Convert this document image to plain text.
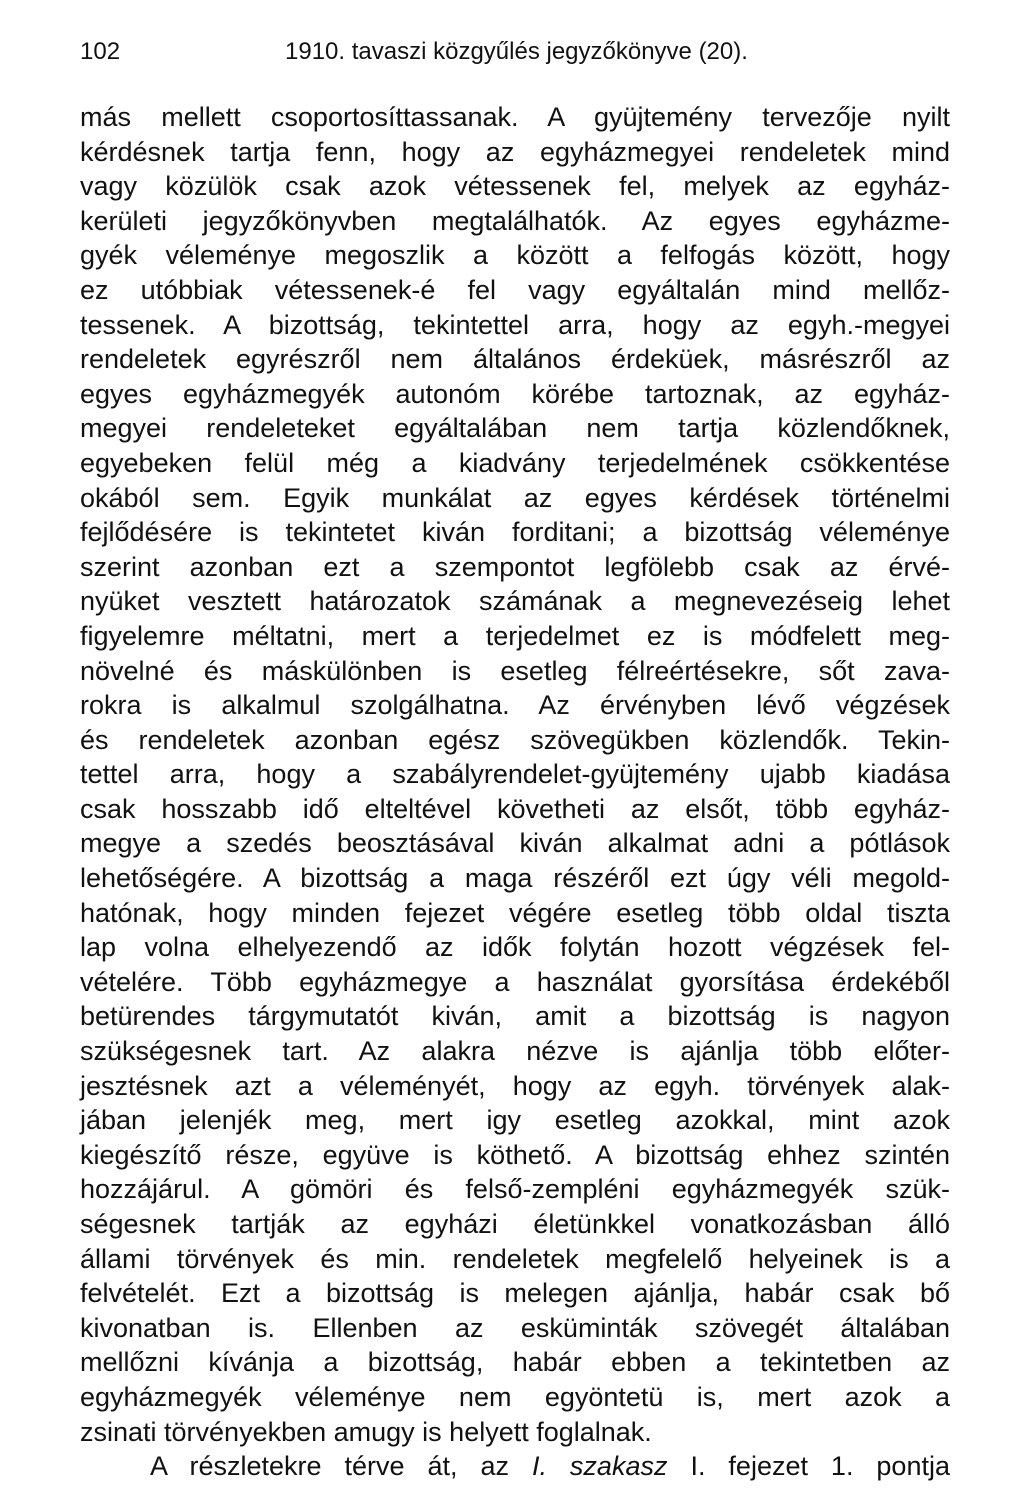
102	1910. tavaszi közgyűlés jegyzőkönyve (20).
más mellett csoportosíttassanak. A gyüjtemény tervezője nyilt
kérdésnek tartja fenn, hogy az egyházmegyei rendeletek mind
vagy közülök csak azok vétessenek fel, melyek az egyház-
kerületi jegyzőkönyvben megtalálhatók. Az egyes egyházme-
gyék véleménye megoszlik a között a felfogás között, hogy
ez utóbbiak vétessenek-é fel vagy egyáltalán mind mellőz-
tessenek. A bizottság, tekintettel arra, hogy az egyh.-megyei
rendeletek egyrészről nem általános érdeküek, másrészről az
egyes egyházmegyék autonóm körébe tartoznak, az egyház-
megyei rendeleteket egyáltalában nem tartja közlendőknek,
egyebeken felül még a kiadvány terjedelmének csökkentése
okából sem. Egyik munkálat az egyes kérdések történelmi
fejlődésére is tekintetet kiván forditani; a bizottság véleménye
szerint azonban ezt a szempontot legfölebb csak az érvé-
nyüket vesztett határozatok számának a megnevezéseig lehet
figyelemre méltatni, mert a terjedelmet ez is módfelett meg-
növelné és máskülönben is esetleg félreértésekre, sőt zava-
rokra is alkalmul szolgálhatna. Az érvényben lévő végzések
és rendeletek azonban egész szövegükben közlendők. Tekin-
tettel arra, hogy a szabályrendelet-gyüjtemény ujabb kiadása
csak hosszabb idő elteltével követheti az elsőt, több egyház-
megye a szedés beosztásával kiván alkalmat adni a pótlások
lehetőségére. A bizottság a maga részéről ezt úgy véli megold-
hatónak, hogy minden fejezet végére esetleg több oldal tiszta
lap volna elhelyezendő az idők folytán hozott végzések fel-
vételére. Több egyházmegye a használat gyorsítása érdekéből
betürendes tárgymutatót kiván, amit a bizottság is nagyon
szükségesnek tart. Az alakra nézve is ajánlja több előter-
jesztésnek azt a véleményét, hogy az egyh. törvények alak-
jában jelenjék meg, mert igy esetleg azokkal, mint azok
kiegészítő része, együve is köthető. A bizottság ehhez szintén
hozzájárul. A gömöri és felső-zempléni egyházmegyék szük-
ségesnek tartják az egyházi életünkkel vonatkozásban álló
állami törvények és min. rendeletek megfelelő helyeinek is a
felvételét. Ezt a bizottság is melegen ajánlja, habár csak bő
kivonatban is. Ellenben az esküminták szövegét általában
mellőzni kívánja a bizottság, habár ebben a tekintetben az
egyházmegyék véleménye nem egyöntetü is, mert azok a
zsinati törvényekben amugy is helyett foglalnak.
A részletekre térve át, az I. szakasz I. fejezet 1. pontja
